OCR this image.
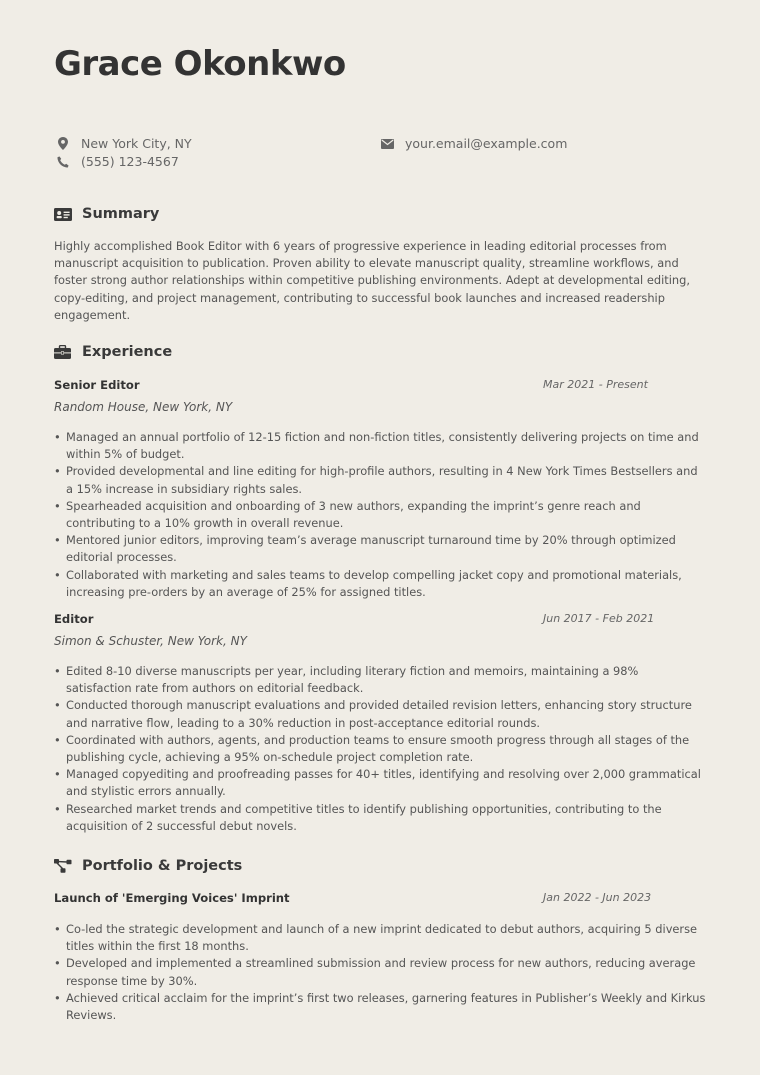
Grace Okonkwo
New York City, NY
(555) 123-4567
your.email@example.com
Summary

Highly accomplished Book Editor with 6 years of progressive experience in leading editorial processes from manuscript acquisition to publication. Proven ability to elevate manuscript quality, streamline workflows, and foster strong author relationships within competitive publishing environments. Adept at developmental editing, copy-editing, and project management, contributing to successful book launches and increased readership engagement.

Experience
Senior Editor	Mar 2021 - Present
Random House, New York, NY
• Managed an annual portfolio of 12-15 fiction and non-fiction titles, consistently delivering projects on time and within 5% of budget.
• Provided developmental and line editing for high-profile authors, resulting in 4 New York Times Bestsellers and a 15% increase in subsidiary rights sales.
• Spearheaded acquisition and onboarding of 3 new authors, expanding the imprint’s genre reach and contributing to a 10% growth in overall revenue.
• Mentored junior editors, improving team’s average manuscript turnaround time by 20% through optimized editorial processes.
• Collaborated with marketing and sales teams to develop compelling jacket copy and promotional materials, increasing pre-orders by an average of 25% for assigned titles.
Editor	Jun 2017 - Feb 2021
Simon & Schuster, New York, NY
• Edited 8-10 diverse manuscripts per year, including literary fiction and memoirs, maintaining a 98% satisfaction rate from authors on editorial feedback.
• Conducted thorough manuscript evaluations and provided detailed revision letters, enhancing story structure and narrative flow, leading to a 30% reduction in post-acceptance editorial rounds.
• Coordinated with authors, agents, and production teams to ensure smooth progress through all stages of the publishing cycle, achieving a 95% on-schedule project completion rate.
• Managed copyediting and proofreading passes for 40+ titles, identifying and resolving over 2,000 grammatical and stylistic errors annually.
• Researched market trends and competitive titles to identify publishing opportunities, contributing to the acquisition of 2 successful debut novels.
Portfolio & Projects
Launch of 'Emerging Voices' Imprint	Jan 2022 - Jun 2023
• Co-led the strategic development and launch of a new imprint dedicated to debut authors, acquiring 5 diverse titles within the first 18 months.
• Developed and implemented a streamlined submission and review process for new authors, reducing average response time by 30%.
• Achieved critical acclaim for the imprint’s first two releases, garnering features in Publisher’s Weekly and Kirkus Reviews.
